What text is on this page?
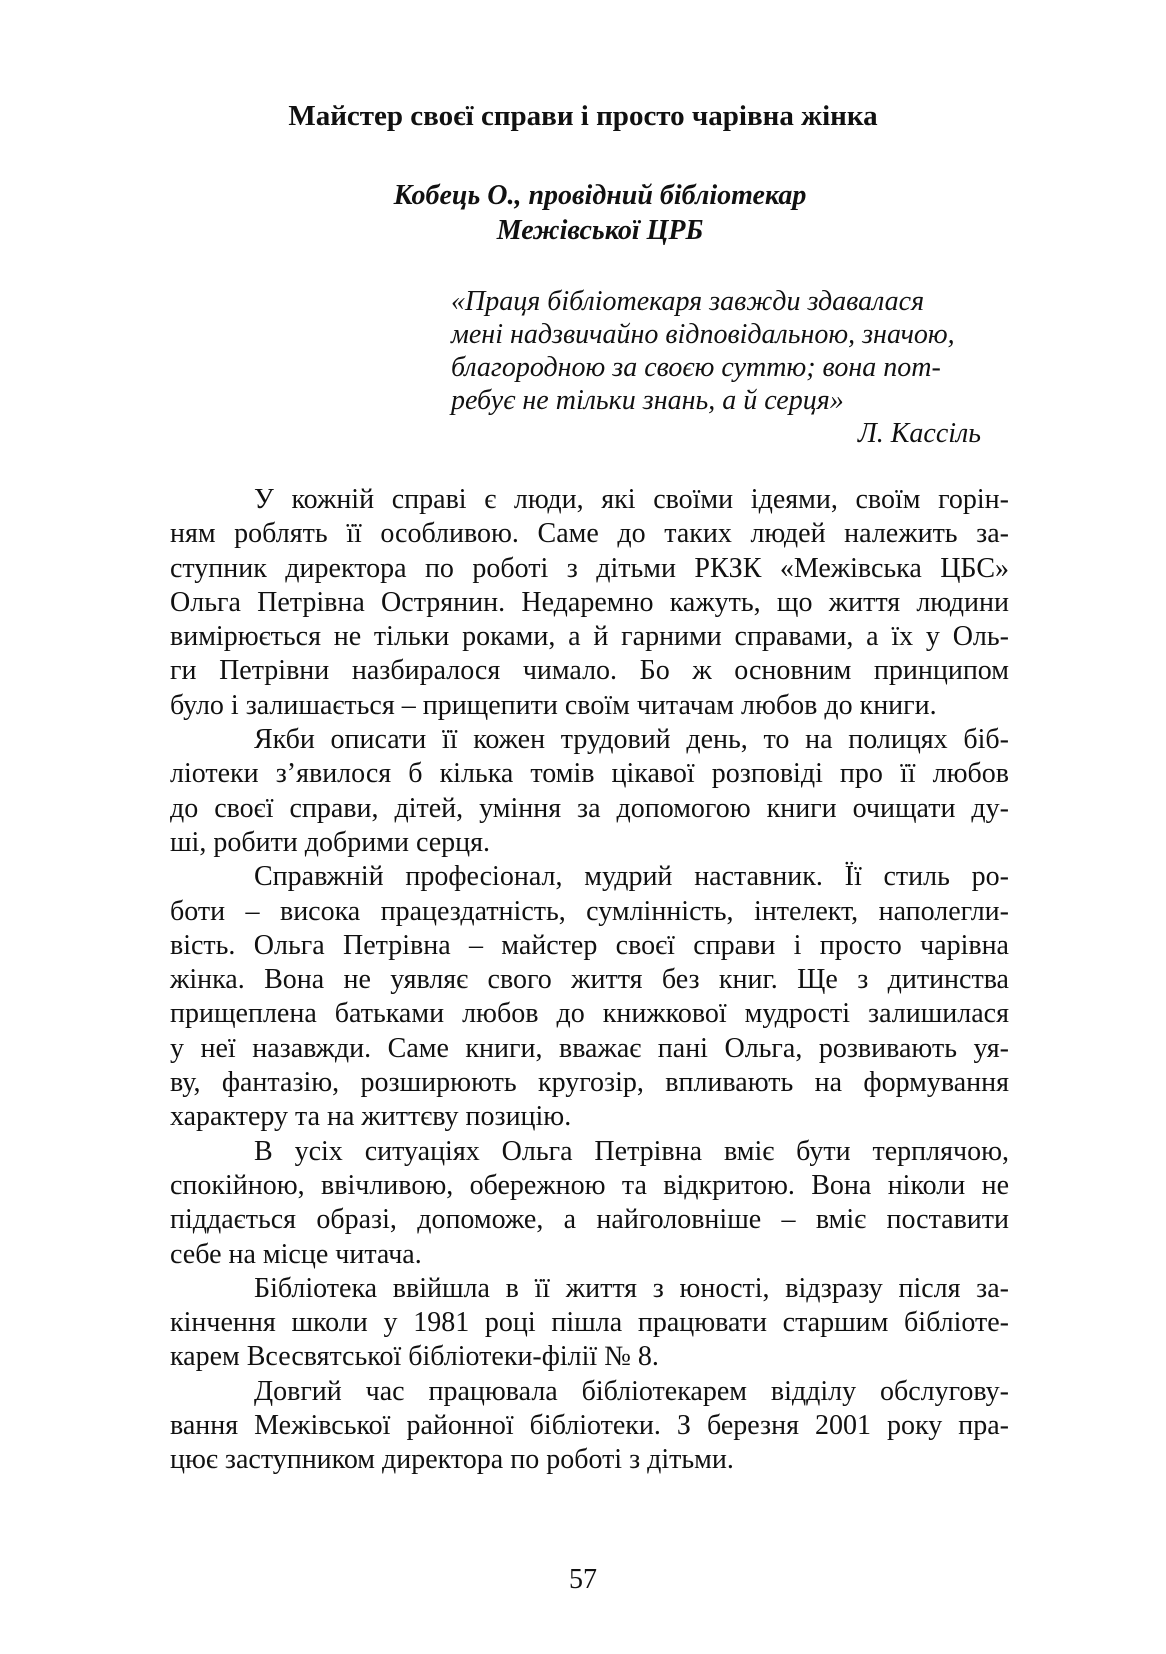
Майстер своєї справи і просто чарівна жінка
Кобець О., провідний бібліотекар
Межівської ЦРБ
«Праця бібліотекаря завжди здавалася
мені надзвичайно відповідальною, значою,
благородною за своєю суттю; вона пот-
ребує не тільки знань, а й серця»
Л. Кассіль
У кожній справі є люди, які своїми ідеями, своїм горін-
ням роблять її особливою. Саме до таких людей належить за-
ступник директора по роботі з дітьми РКЗК «Межівська ЦБС»
Ольга Петрівна Острянин. Недаремно кажуть, що життя людини
вимірюється не тільки роками, а й гарними справами, а їх у Оль-
ги Петрівни назбиралося чимало. Бо ж основним принципом
було і залишається – прищепити своїм читачам любов до книги.
Якби описати її кожен трудовий день, то на полицях біб-
ліотеки з’явилося б кілька томів цікавої розповіді про її любов
до своєї справи, дітей, уміння за допомогою книги очищати ду-
ші, робити добрими серця.
Справжній професіонал, мудрий наставник. Її стиль ро-
боти – висока працездатність, сумлінність, інтелект, наполегли-
вість. Ольга Петрівна – майстер своєї справи і просто чарівна
жінка. Вона не уявляє свого життя без книг. Ще з дитинства
прищеплена батьками любов до книжкової мудрості залишилася
у неї назавжди. Саме книги, вважає пані Ольга, розвивають уя-
ву, фантазію, розширюють кругозір, впливають на формування
характеру та на життєву позицію.
В усіх ситуаціях Ольга Петрівна вміє бути терплячою,
спокійною, ввічливою, обережною та відкритою. Вона ніколи не
піддається образі, допоможе, а найголовніше – вміє поставити
себе на місце читача.
Бібліотека ввійшла в її життя з юності, відзразу після за-
кінчення школи у 1981 році пішла працювати старшим бібліоте-
карем Всесвятської бібліотеки-філії № 8.
Довгий час працювала бібліотекарем відділу обслугову-
вання Межівської районної бібліотеки. З березня 2001 року пра-
цює заступником директора по роботі з дітьми.
57
